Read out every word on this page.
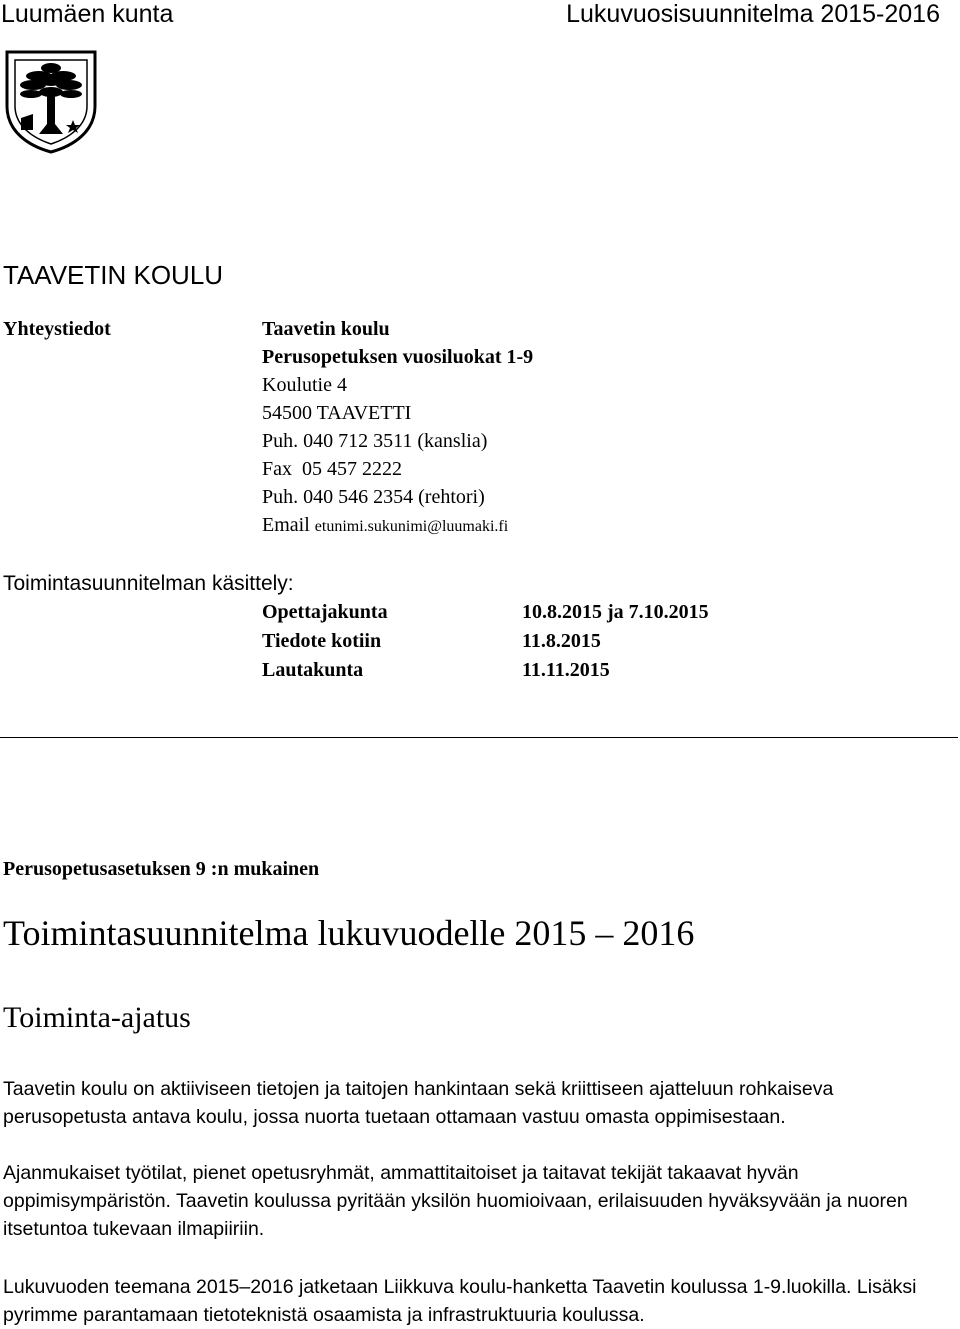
Luumäen kunta	Lukuvuosisuunnitelma 2015-2016
TAAVETIN KOULU
Yhteystiedot	Taavetin koulu
Perusopetuksen vuosiluokat 1-9
Koulutie 4
54500 TAAVETTI
Puh. 040 712 3511 (kanslia)
Fax  05 457 2222
Puh. 040 546 2354 (rehtori)
Email etunimi.sukunimi@luumaki.fi
Toimintasuunnitelman käsittely:
Opettajakunta	10.8.2015 ja 7.10.2015
Tiedote kotiin	11.8.2015
Lautakunta	11.11.2015
Perusopetusasetuksen 9 :n mukainen
Toimintasuunnitelma lukuvuodelle 2015 – 2016
Toiminta-ajatus
Taavetin koulu on aktiiviseen tietojen ja taitojen hankintaan sekä kriittiseen ajatteluun rohkaiseva perusopetusta antava koulu, jossa nuorta tuetaan ottamaan vastuu omasta oppimisestaan.
Ajanmukaiset työtilat, pienet opetusryhmät, ammattitaitoiset ja taitavat tekijät takaavat hyvän oppimisympäristön. Taavetin koulussa pyritään yksilön huomioivaan, erilaisuuden hyväksyvään ja nuoren itsetuntoa tukevaan ilmapiiriin.
Lukuvuoden teemana 2015–2016 jatketaan Liikkuva koulu-hanketta Taavetin koulussa 1-9.luokilla. Lisäksi pyrimme parantamaan tietoteknistä osaamista ja infrastruktuuria koulussa.
